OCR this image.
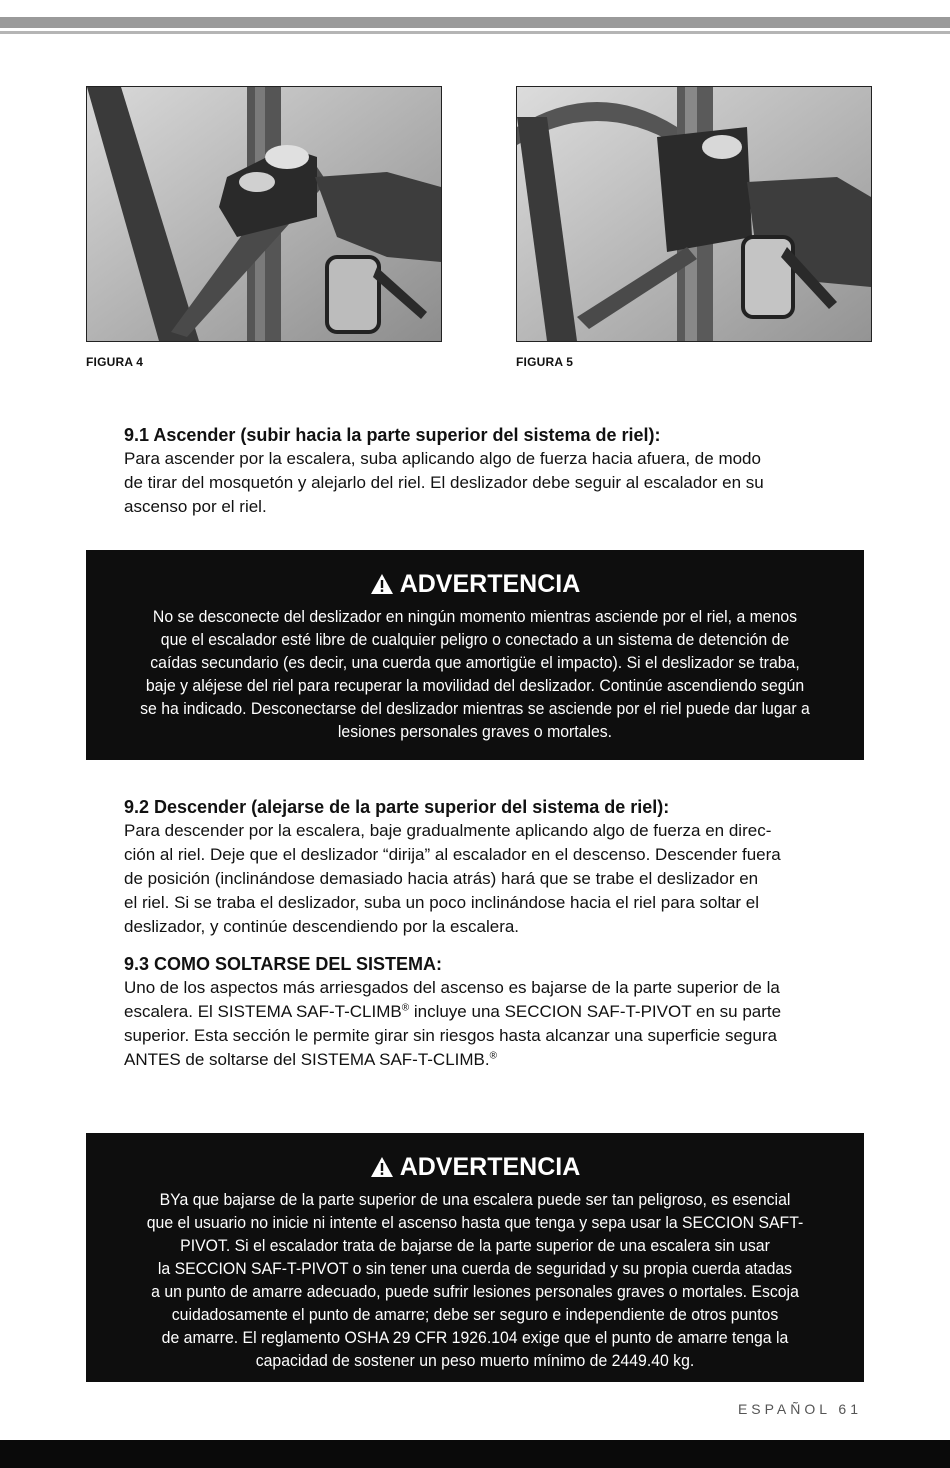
FIGURA 4	FIGURA 5
9.1 Ascender (subir hacia la parte superior del sistema de riel):

Para ascender por la escalera, suba aplicando algo de fuerza hacia afuera, de modo

de tirar del mosquetón y alejarlo del riel. El deslizador debe seguir al escalador en su

ascenso por el riel.

ADVERTENCIA
No se desconecte del deslizador en ningún momento mientras asciende por el riel, a menos
que el escalador esté libre de cualquier peligro o conectado a un sistema de detención de
caídas secundario (es decir, una cuerda que amortigüe el impacto). Si el deslizador se traba,
baje y aléjese del riel para recuperar la movilidad del deslizador. Continúe ascendiendo según
se ha indicado. Desconectarse del deslizador mientras se asciende por el riel puede dar lugar a
lesiones personales graves o mortales.
9.2 Descender (alejarse de la parte superior del sistema de riel):

Para descender por la escalera, baje gradualmente aplicando algo de fuerza en direc-

ción al riel. Deje que el deslizador “dirija” al escalador en el descenso. Descender fuera

de posición (inclinándose demasiado hacia atrás) hará que se trabe el deslizador en

el riel. Si se traba el deslizador, suba un poco inclinándose hacia el riel para soltar el

deslizador, y continúe descendiendo por la escalera.

9.3 COMO SOLTARSE DEL SISTEMA:

Uno de los aspectos más arriesgados del ascenso es bajarse de la parte superior de la

escalera. El SISTEMA SAF-T-CLIMB® incluye una SECCION SAF-T-PIVOT en su parte

superior. Esta sección le permite girar sin riesgos hasta alcanzar una superficie segura

ANTES de soltarse del SISTEMA SAF-T-CLIMB.®

ADVERTENCIA
BYa que bajarse de la parte superior de una escalera puede ser tan peligroso, es esencial
que el usuario no inicie ni intente el ascenso hasta que tenga y sepa usar la SECCION SAFT-
PIVOT. Si el escalador trata de bajarse de la parte superior de una escalera sin usar
la SECCION SAF-T-PIVOT o sin tener una cuerda de seguridad y su propia cuerda atadas
a un punto de amarre adecuado, puede sufrir lesiones personales graves o mortales. Escoja
cuidadosamente el punto de amarre; debe ser seguro e independiente de otros puntos
de amarre. El reglamento OSHA 29 CFR 1926.104 exige que el punto de amarre tenga la
capacidad de sostener un peso muerto mínimo de 2449.40 kg.
ESPAÑOL 61
